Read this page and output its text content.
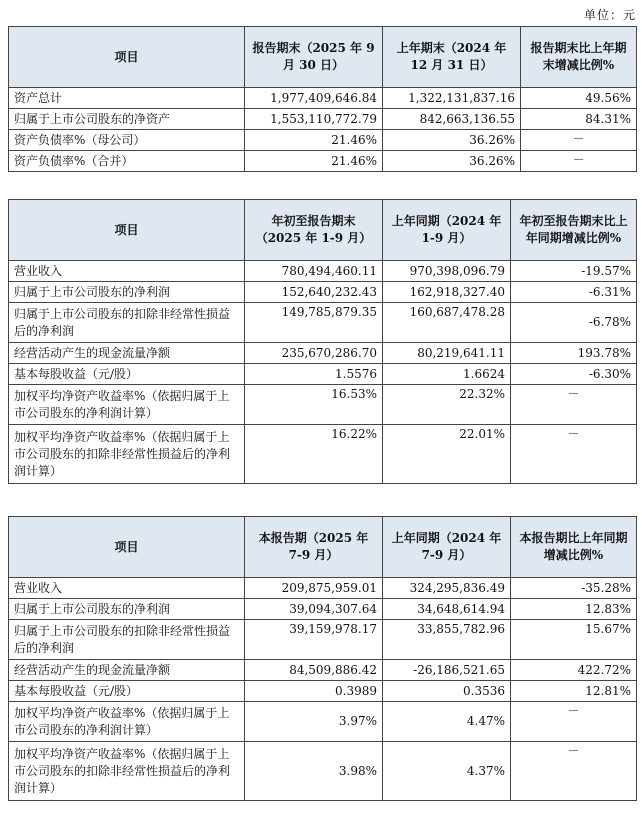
单位：元
项目	报告期末（2025 年 9 月 30 日）	上年期末（2024 年 12 月 31 日）	报告期末比上年期末增减比例%
资产总计	1,977,409,646.84	1,322,131,837.16	49.56%
归属于上市公司股东的净资产	1,553,110,772.79	842,663,136.55	84.31%
资产负债率%（母公司）	21.46%	36.26%	－
资产负债率%（合并）	21.46%	36.26%	－
项目	年初至报告期末（2025 年 1-9 月）	上年同期（2024 年 1-9 月）	年初至报告期末比上年同期增减比例%
营业收入	780,494,460.11	970,398,096.79	-19.57%
归属于上市公司股东的净利润	152,640,232.43	162,918,327.40	-6.31%
归属于上市公司股东的扣除非经常性损益后的净利润	149,785,879.35	160,687,478.28	-6.78%
经营活动产生的现金流量净额	235,670,286.70	80,219,641.11	193.78%
基本每股收益（元/股）	1.5576	1.6624	-6.30%
加权平均净资产收益率%（依据归属于上市公司股东的净利润计算）	16.53%	22.32%	－
加权平均净资产收益率%（依据归属于上市公司股东的扣除非经常性损益后的净利润计算）	16.22%	22.01%	－
项目	本报告期（2025 年 7-9 月）	上年同期（2024 年 7-9 月）	本报告期比上年同期增减比例%
营业收入	209,875,959.01	324,295,836.49	-35.28%
归属于上市公司股东的净利润	39,094,307.64	34,648,614.94	12.83%
归属于上市公司股东的扣除非经常性损益后的净利润	39,159,978.17	33,855,782.96	15.67%
经营活动产生的现金流量净额	84,509,886.42	-26,186,521.65	422.72%
基本每股收益（元/股）	0.3989	0.3536	12.81%
加权平均净资产收益率%（依据归属于上市公司股东的净利润计算）	3.97%	4.47%	－
加权平均净资产收益率%（依据归属于上市公司股东的扣除非经常性损益后的净利润计算）	3.98%	4.37%	－
